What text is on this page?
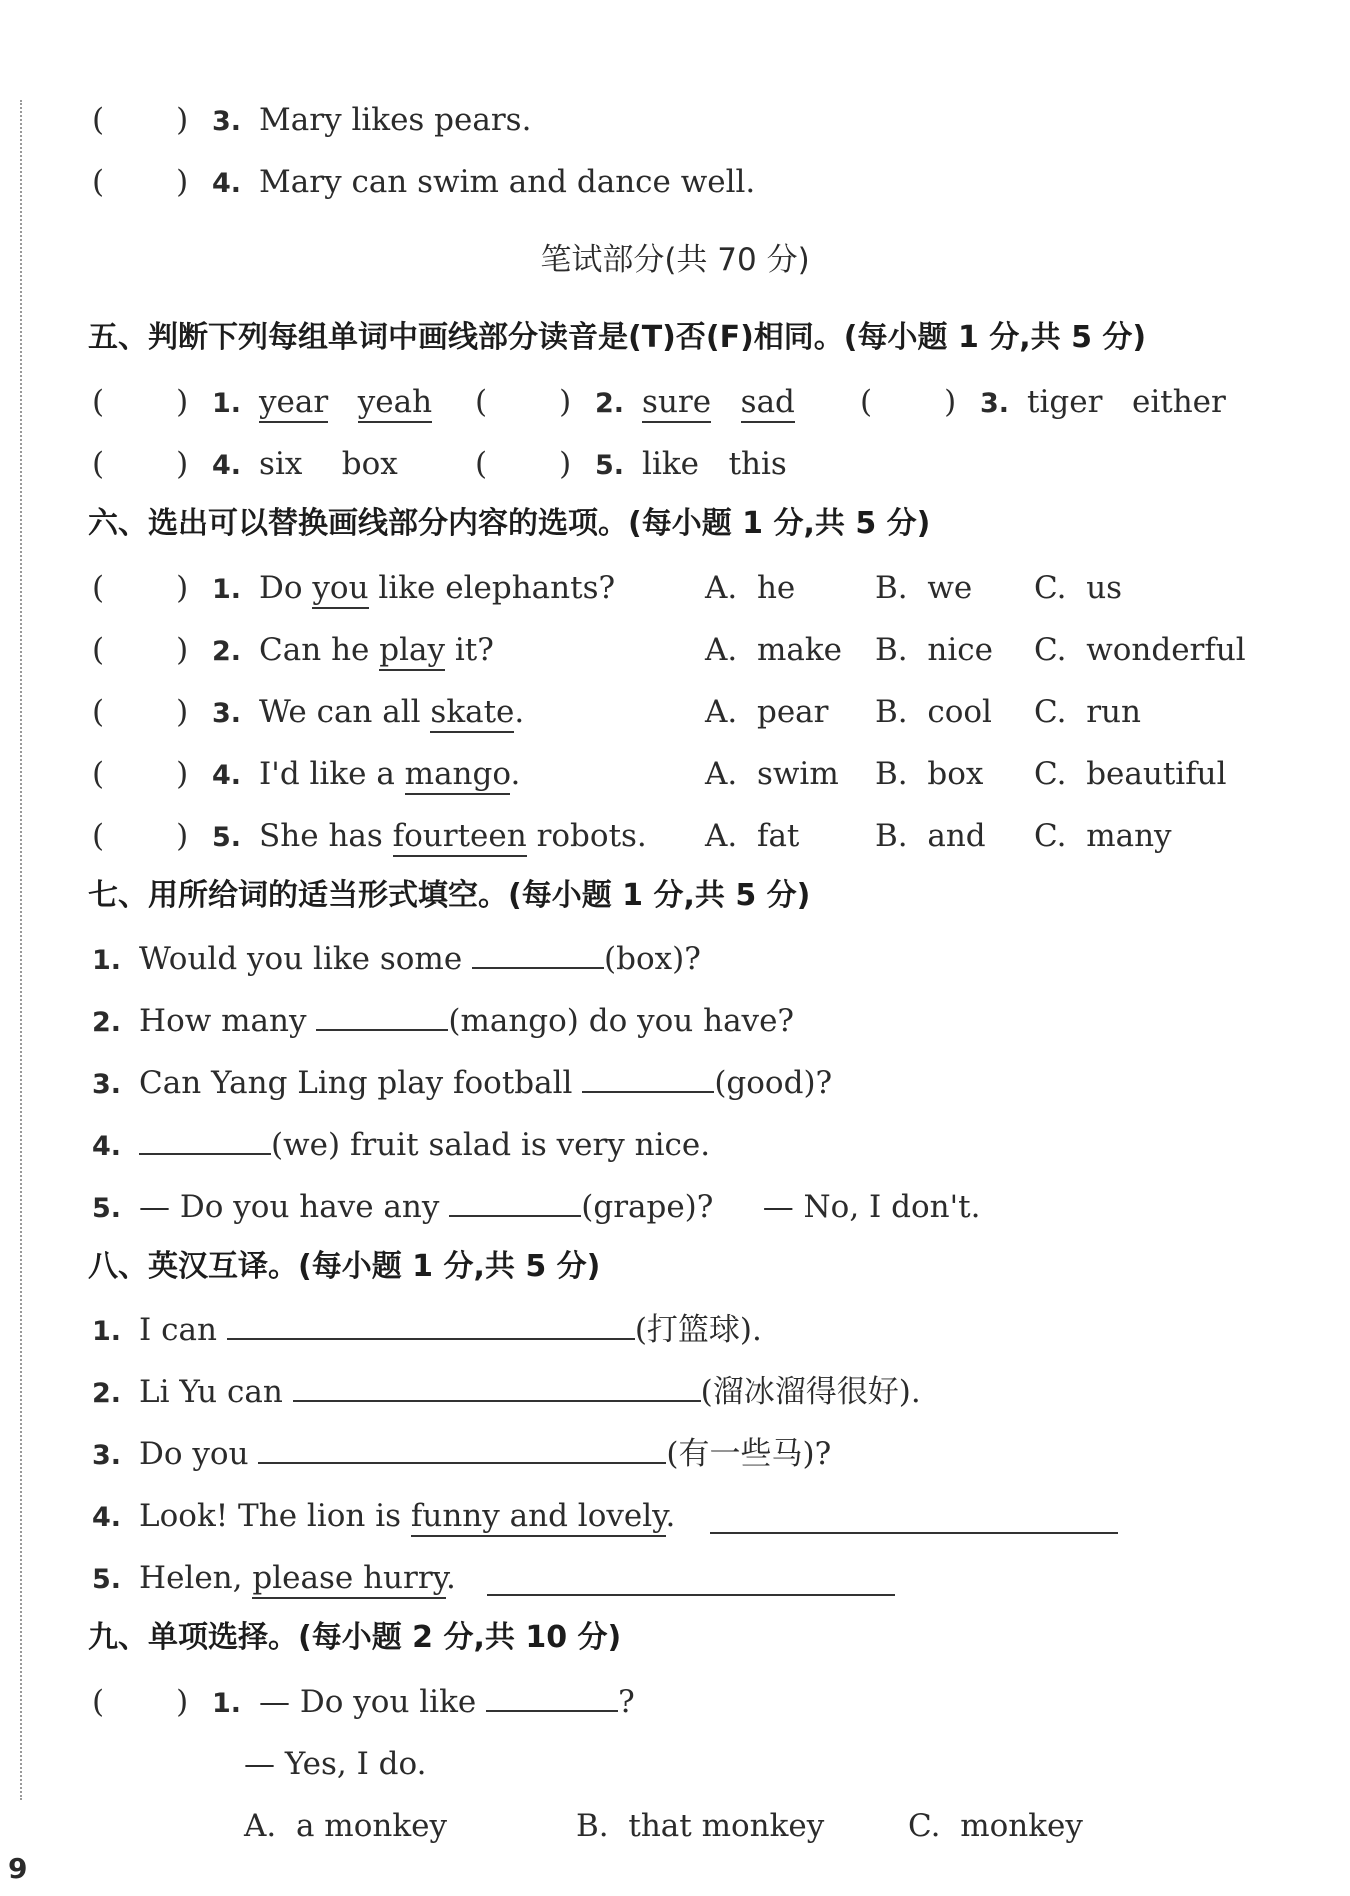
( ) 3. Mary likes pears.
( ) 4. Mary can swim and dance well.
笔试部分(共 70 分)
五、判断下列每组单词中画线部分读音是(T)否(F)相同。(每小题 1 分,共 5 分)
( ) 1. year yeah ( ) 2. sure sad ( ) 3. tiger either
( ) 4. six box ( ) 5. like this
六、选出可以替换画线部分内容的选项。(每小题 1 分,共 5 分)
( ) 1. Do you like elephants?	A. he	B. we C. us
( ) 2. Can he play it?	A. make B. nice C. wonderful
( ) 3. We can all skate.	A. pear B. cool C. run
( ) 4. I'd like a mango.	A. swim B. box C. beautiful
( ) 5. She has fourteen robots. A. fat B. and C. many
七、用所给词的适当形式填空。(每小题 1 分,共 5 分)
1. Would you like some	(box)?
2. How many	(mango) do you have?
3. Can Yang Ling play football	(good)?
4.	(we) fruit salad is very nice.
5. — Do you have any	(grape)? — No, I don't.
八、英汉互译。(每小题 1 分,共 5 分)
1. I can	(打篮球).
2. Li Yu can	(溜冰溜得很好).
3. Do you	(有一些马)?
4. Look! The lion is funny and lovely.
5. Helen, please hurry.
九、单项选择。(每小题 2 分,共 10 分)
( ) 1. — Do you like	?
— Yes, I do.
A. a monkey	B. that monkey	C. monkey
9
